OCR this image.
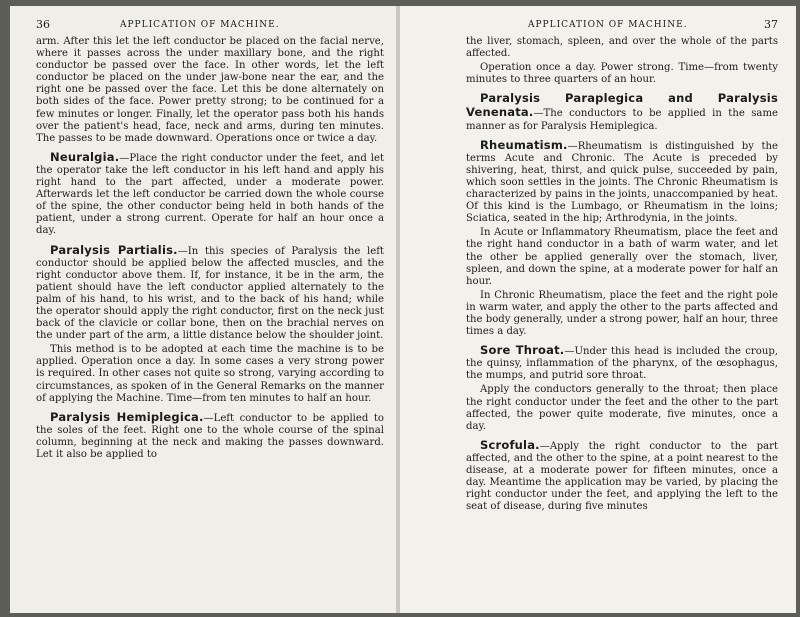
36	APPLICATION OF MACHINE.

arm. After this let the left conductor be placed on the facial nerve, where it passes across the under maxillary bone, and the right conductor be passed over the face. In other words, let the left conductor be placed on the under jaw-bone near the ear, and the right one be passed over the face. Let this be done alternately on both sides of the face. Power pretty strong; to be continued for a few minutes or longer. Finally, let the operator pass both his hands over the patient's head, face, neck and arms, during ten minutes. The passes to be made downward. Operations once or twice a day.

Neuralgia.—Place the right conductor under the feet, and let the operator take the left conductor in his left hand and apply his right hand to the part affected, under a moderate power. Afterwards let the left conductor be carried down the whole course of the spine, the other conductor being held in both hands of the patient, under a strong current. Operate for half an hour once a day.

Paralysis Partialis.—In this species of Paralysis the left conductor should be applied below the affected muscles, and the right conductor above them. If, for instance, it be in the arm, the patient should have the left conductor applied alternately to the palm of his hand, to his wrist, and to the back of his hand; while the operator should apply the right conductor, first on the neck just back of the clavicle or collar bone, then on the brachial nerves on the under part of the arm, a little distance below the shoulder joint.

This method is to be adopted at each time the machine is to be applied. Operation once a day. In some cases a very strong power is required. In other cases not quite so strong, varying according to circumstances, as spoken of in the General Remarks on the manner of applying the Machine. Time—from ten minutes to half an hour.

Paralysis Hemiplegica.—Left conductor to be applied to the soles of the feet. Right one to the whole course of the spinal column, beginning at the neck and making the passes downward. Let it also be applied to

APPLICATION OF MACHINE.	37

the liver, stomach, spleen, and over the whole of the parts affected.

Operation once a day. Power strong. Time—from twenty minutes to three quarters of an hour.

Paralysis Paraplegica and Paralysis Venenata.—The conductors to be applied in the same manner as for Paralysis Hemiplegica.

Rheumatism.—Rheumatism is distinguished by the terms Acute and Chronic. The Acute is preceded by shivering, heat, thirst, and quick pulse, succeeded by pain, which soon settles in the joints. The Chronic Rheumatism is characterized by pains in the joints, unaccompanied by heat. Of this kind is the Lumbago, or Rheumatism in the loins; Sciatica, seated in the hip; Arthrodynia, in the joints.

In Acute or Inflammatory Rheumatism, place the feet and the right hand conductor in a bath of warm water, and let the other be applied generally over the stomach, liver, spleen, and down the spine, at a moderate power for half an hour.

In Chronic Rheumatism, place the feet and the right pole in warm water, and apply the other to the parts affected and the body generally, under a strong power, half an hour, three times a day.

Sore Throat.—Under this head is included the croup, the quinsy, inflammation of the pharynx, of the œsophagus, the mumps, and putrid sore throat.

Apply the conductors generally to the throat; then place the right conductor under the feet and the other to the part affected, the power quite moderate, five minutes, once a day.

Scrofula.—Apply the right conductor to the part affected, and the other to the spine, at a point nearest to the disease, at a moderate power for fifteen minutes, once a day. Meantime the application may be varied, by placing the right conductor under the feet, and applying the left to the seat of disease, during five minutes
